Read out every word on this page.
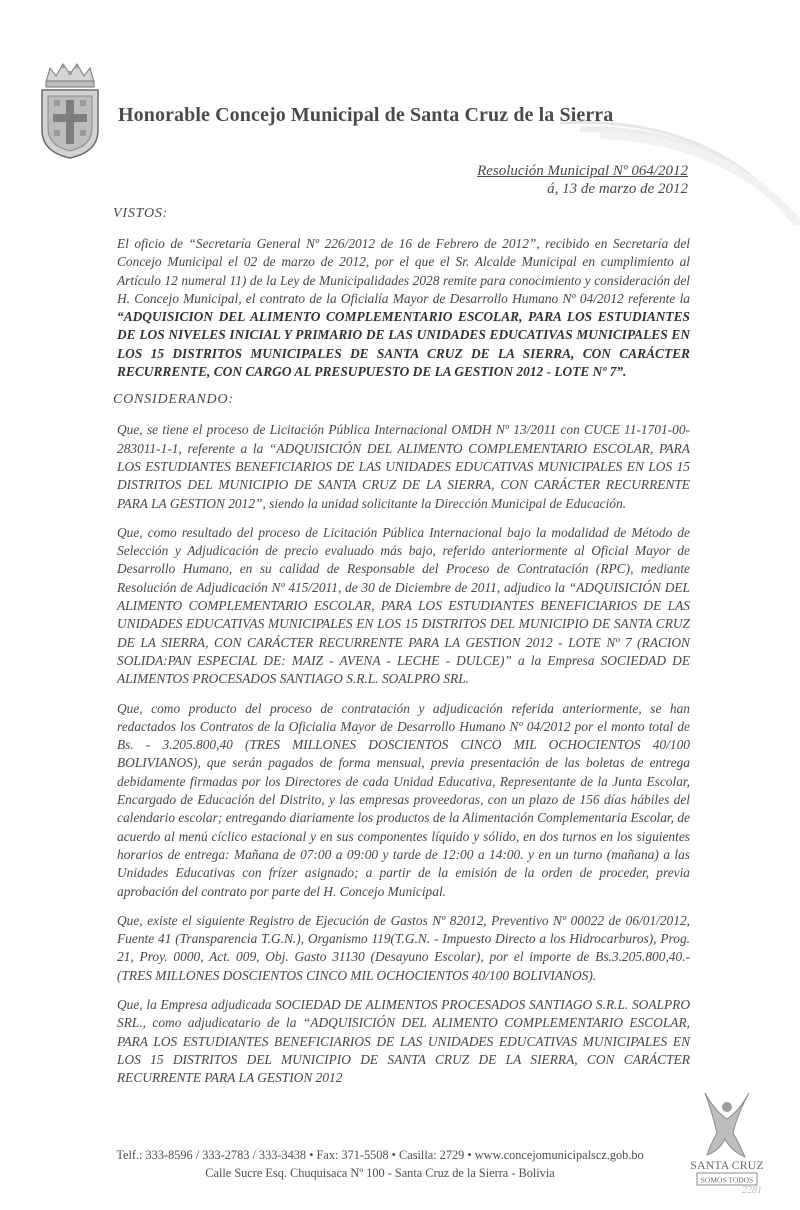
Honorable Concejo Municipal de Santa Cruz de la Sierra
Resolución Municipal Nº 064/2012
á, 13 de marzo de 2012
VISTOS:

El oficio de “Secretaría General Nº 226/2012 de 16 de Febrero de 2012”, recibido en Secretaría del Concejo Municipal el 02 de marzo de 2012, por el que el Sr. Alcalde Municipal en cumplimiento al Artículo 12 numeral 11) de la Ley de Municipalidades 2028 remite para conocimiento y consideración del H. Concejo Municipal, el contrato de la Oficialía Mayor de Desarrollo Humano Nº 04/2012 referente la “ADQUISICION DEL ALIMENTO COMPLEMENTARIO ESCOLAR, PARA LOS ESTUDIANTES DE LOS NIVELES INICIAL Y PRIMARIO DE LAS UNIDADES EDUCATIVAS MUNICIPALES EN LOS 15 DISTRITOS MUNICIPALES DE SANTA CRUZ DE LA SIERRA, CON CARÁCTER RECURRENTE, CON CARGO AL PRESUPUESTO DE LA GESTION 2012 - LOTE Nº 7”.

CONSIDERANDO:

Que, se tiene el proceso de Licitación Pública Internacional OMDH Nº 13/2011 con CUCE 11-1701-00-283011-1-1, referente a la “ADQUISICIÓN DEL ALIMENTO COMPLEMENTARIO ESCOLAR, PARA LOS ESTUDIANTES BENEFICIARIOS DE LAS UNIDADES EDUCATIVAS MUNICIPALES EN LOS 15 DISTRITOS DEL MUNICIPIO DE SANTA CRUZ DE LA SIERRA, CON CARÁCTER RECURRENTE PARA LA GESTION 2012”, siendo la unidad solicitante la Dirección Municipal de Educación.

Que, como resultado del proceso de Licitación Pública Internacional bajo la modalidad de Método de Selección y Adjudicación de precio evaluado más bajo, referido anteriormente al Oficial Mayor de Desarrollo Humano, en su calidad de Responsable del Proceso de Contratación (RPC), mediante Resolución de Adjudicación Nº 415/2011, de 30 de Diciembre de 2011, adjudico la “ADQUISICIÓN DEL ALIMENTO COMPLEMENTARIO ESCOLAR, PARA LOS ESTUDIANTES BENEFICIARIOS DE LAS UNIDADES EDUCATIVAS MUNICIPALES EN LOS 15 DISTRITOS DEL MUNICIPIO DE SANTA CRUZ DE LA SIERRA, CON CARÁCTER RECURRENTE PARA LA GESTION 2012 - LOTE Nº 7 (RACION SOLIDA:PAN ESPECIAL DE: MAIZ - AVENA - LECHE - DULCE)” a la Empresa SOCIEDAD DE ALIMENTOS PROCESADOS SANTIAGO S.R.L. SOALPRO SRL.

Que, como producto del proceso de contratación y adjudicación referida anteriormente, se han redactados los Contratos de la Oficialia Mayor de Desarrollo Humano Nº 04/2012 por el monto total de Bs. - 3.205.800,40 (TRES MILLONES DOSCIENTOS CINCO MIL OCHOCIENTOS 40/100 BOLIVIANOS), que serán pagados de forma mensual, previa presentación de las boletas de entrega debidamente firmadas por los Directores de cada Unidad Educativa, Representante de la Junta Escolar, Encargado de Educación del Distrito, y las empresas proveedoras, con un plazo de 156 días hábiles del calendario escolar; entregando diariamente los productos de la Alimentación Complementaria Escolar, de acuerdo al menú cíclico estacional y en sus componentes líquido y sólido, en dos turnos en los siguientes horarios de entrega: Mañana de 07:00 a 09:00 y tarde de 12:00 a 14:00. y en un turno (mañana) a las Unidades Educativas con frízer asignado; a partir de la emisión de la orden de proceder, previa aprobación del contrato por parte del H. Concejo Municipal.

Que, existe el siguiente Registro de Ejecución de Gastos Nº 82012, Preventivo Nº 00022 de 06/01/2012, Fuente 41 (Transparencia T.G.N.), Organismo 119(T.G.N. - Impuesto Directo a los Hidrocarburos), Prog. 21, Proy. 0000, Act. 009, Obj. Gasto 31130 (Desayuno Escolar), por el importe de Bs.3.205.800,40.-(TRES MILLONES DOSCIENTOS CINCO MIL OCHOCIENTOS 40/100 BOLIVIANOS).

Que, la Empresa adjudicada SOCIEDAD DE ALIMENTOS PROCESADOS SANTIAGO S.R.L. SOALPRO SRL., como adjudicatario de la “ADQUISICIÓN DEL ALIMENTO COMPLEMENTARIO ESCOLAR, PARA LOS ESTUDIANTES BENEFICIARIOS DE LAS UNIDADES EDUCATIVAS MUNICIPALES EN LOS 15 DISTRITOS DEL MUNICIPIO DE SANTA CRUZ DE LA SIERRA, CON CARÁCTER RECURRENTE PARA LA GESTION 2012

SANTA CRUZ
SOMOS TODOS
Telf.: 333-8596 / 333-2783 / 333-3438 • Fax: 371-5508 • Casilla: 2729 • www.concejomunicipalscz.gob.bo
Calle Sucre Esq. Chuquisaca Nº 100 - Santa Cruz de la Sierra - Bolivia
2281
